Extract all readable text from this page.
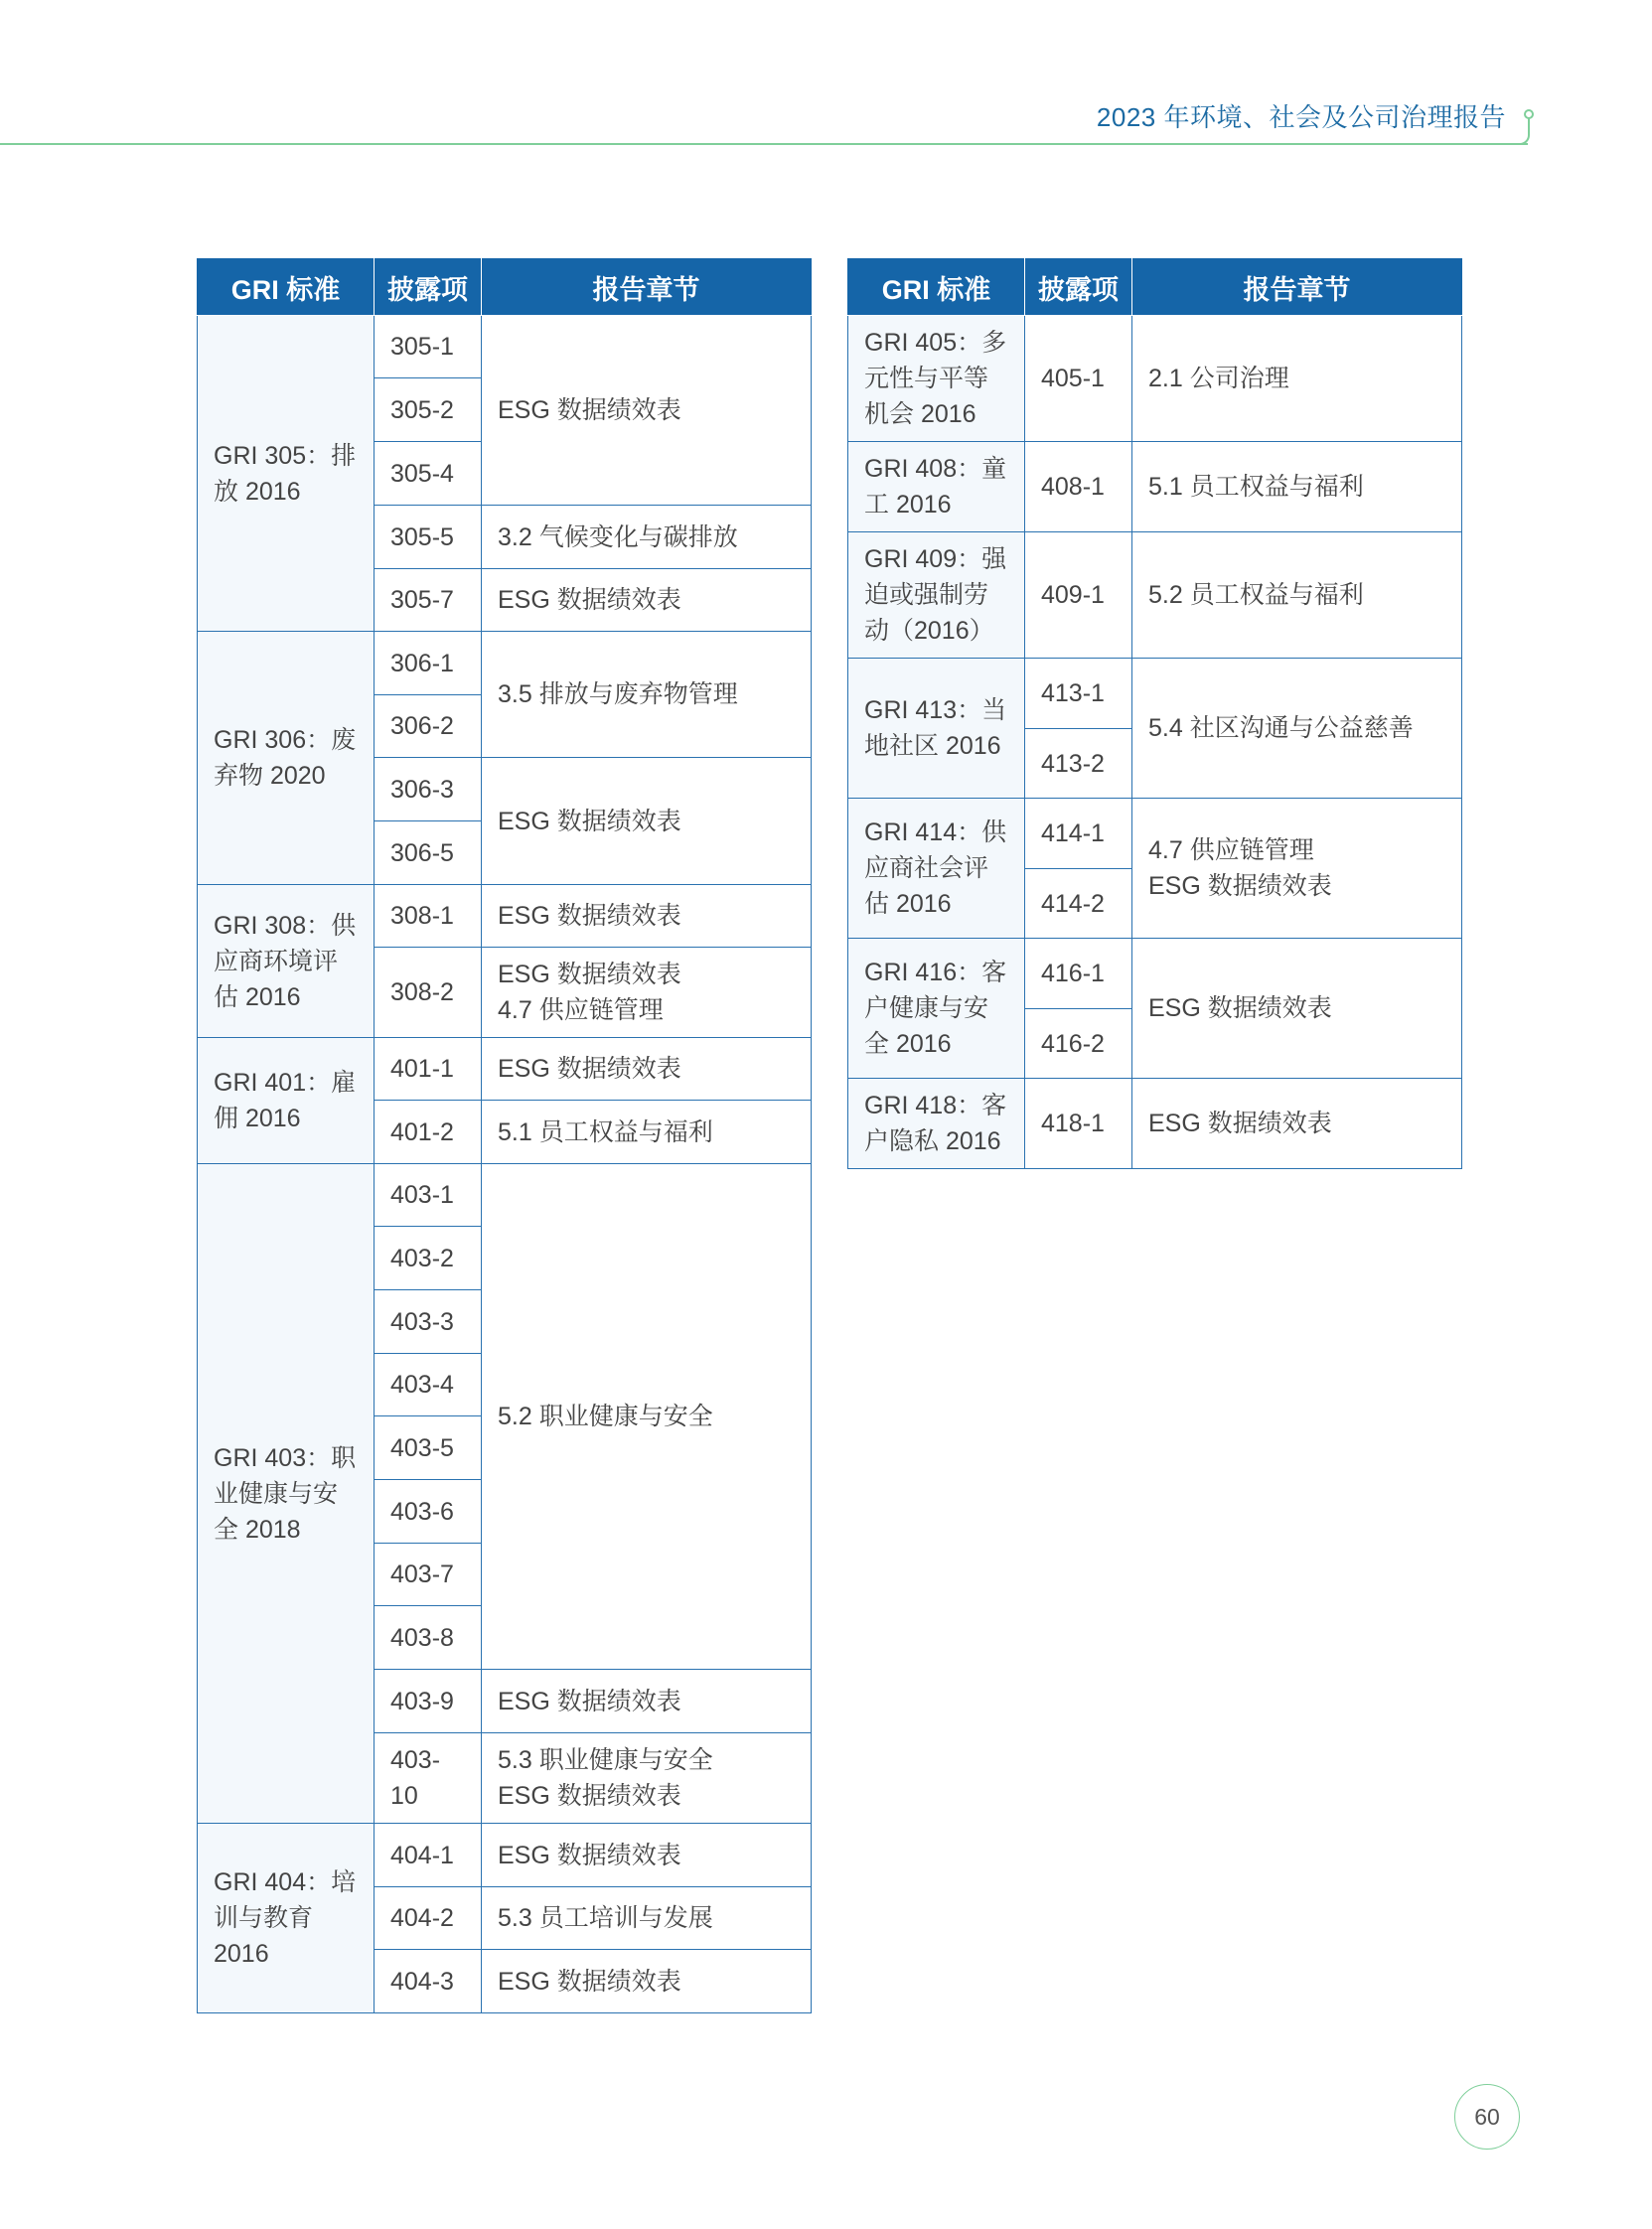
2023 年环境、社会及公司治理报告
GRI 标准	披露项	报告章节
GRI 305：排放 2016	305-1	ESG 数据绩效表
	305-2	
	305-4	
	305-5	3.2 气候变化与碳排放
	305-7	ESG 数据绩效表
GRI 306：废弃物 2020	306-1	3.5 排放与废弃物管理
	306-2	
	306-3	ESG 数据绩效表
	306-5	
GRI 308：供应商环境评估 2016	308-1	ESG 数据绩效表
	308-2	ESG 数据绩效表
4.7 供应链管理

GRI 401：雇佣 2016	401-1	ESG 数据绩效表
	401-2	5.1 员工权益与福利
GRI 403：职业健康与安全 2018	403-1	5.2 职业健康与安全
	403-2	
	403-3	
	403-4	
	403-5	
	403-6	
	403-7	
	403-8	
	403-9	ESG 数据绩效表
	403-10	5.3 职业健康与安全
ESG 数据绩效表

GRI 404：培训与教育 2016	404-1	ESG 数据绩效表
	404-2	5.3 员工培训与发展
	404-3	ESG 数据绩效表
GRI 标准	披露项	报告章节
GRI 405：多元性与平等机会 2016	405-1	2.1 公司治理
GRI 408：童工 2016	408-1	5.1 员工权益与福利
GRI 409：强迫或强制劳动（2016）	409-1	5.2 员工权益与福利
GRI 413：当地社区 2016	413-1	5.4 社区沟通与公益慈善
	413-2	
GRI 414：供应商社会评估 2016	414-1	4.7 供应链管理
ESG 数据绩效表

	414-2	
GRI 416：客户健康与安全 2016	416-1	ESG 数据绩效表
	416-2	
GRI 418：客户隐私 2016	418-1	ESG 数据绩效表
60
